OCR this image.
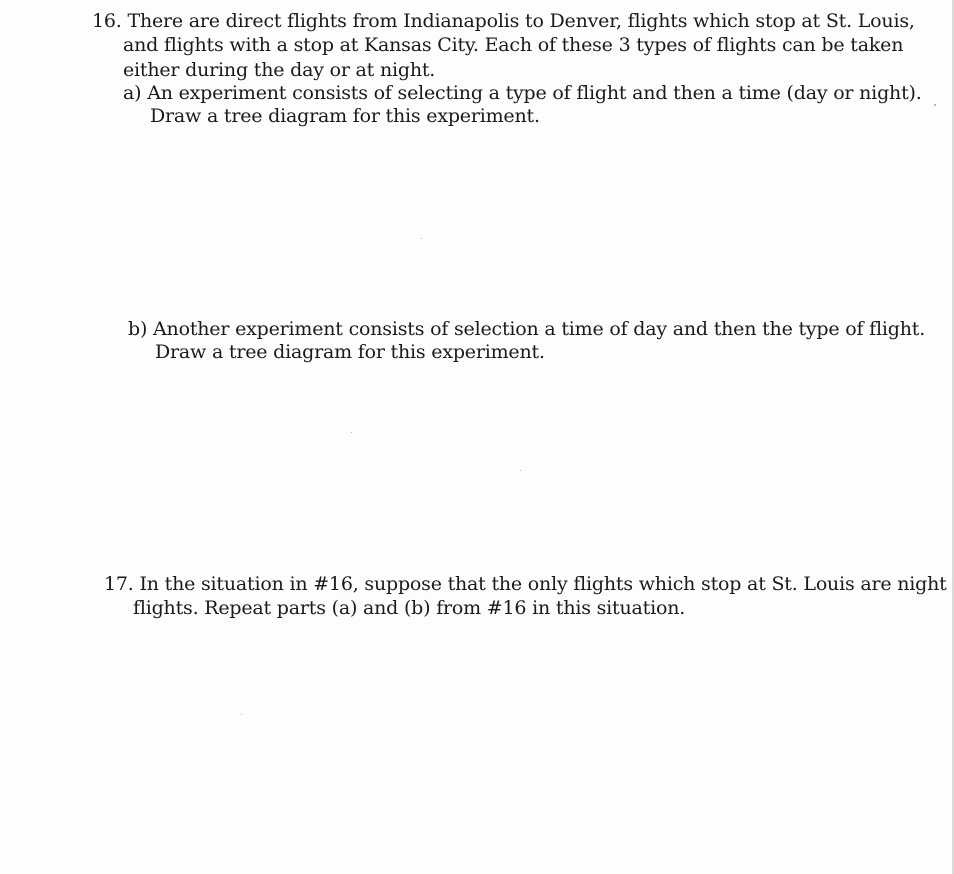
16. There are direct flights from Indianapolis to Denver, flights which stop at St. Louis,
and flights with a stop at Kansas City. Each of these 3 types of flights can be taken
either during the day or at night.
a) An experiment consists of selecting a type of flight and then a time (day or night).
Draw a tree diagram for this experiment.
b) Another experiment consists of selection a time of day and then the type of flight.
Draw a tree diagram for this experiment.
17. In the situation in #16, suppose that the only flights which stop at St. Louis are night
flights. Repeat parts (a) and (b) from #16 in this situation.
